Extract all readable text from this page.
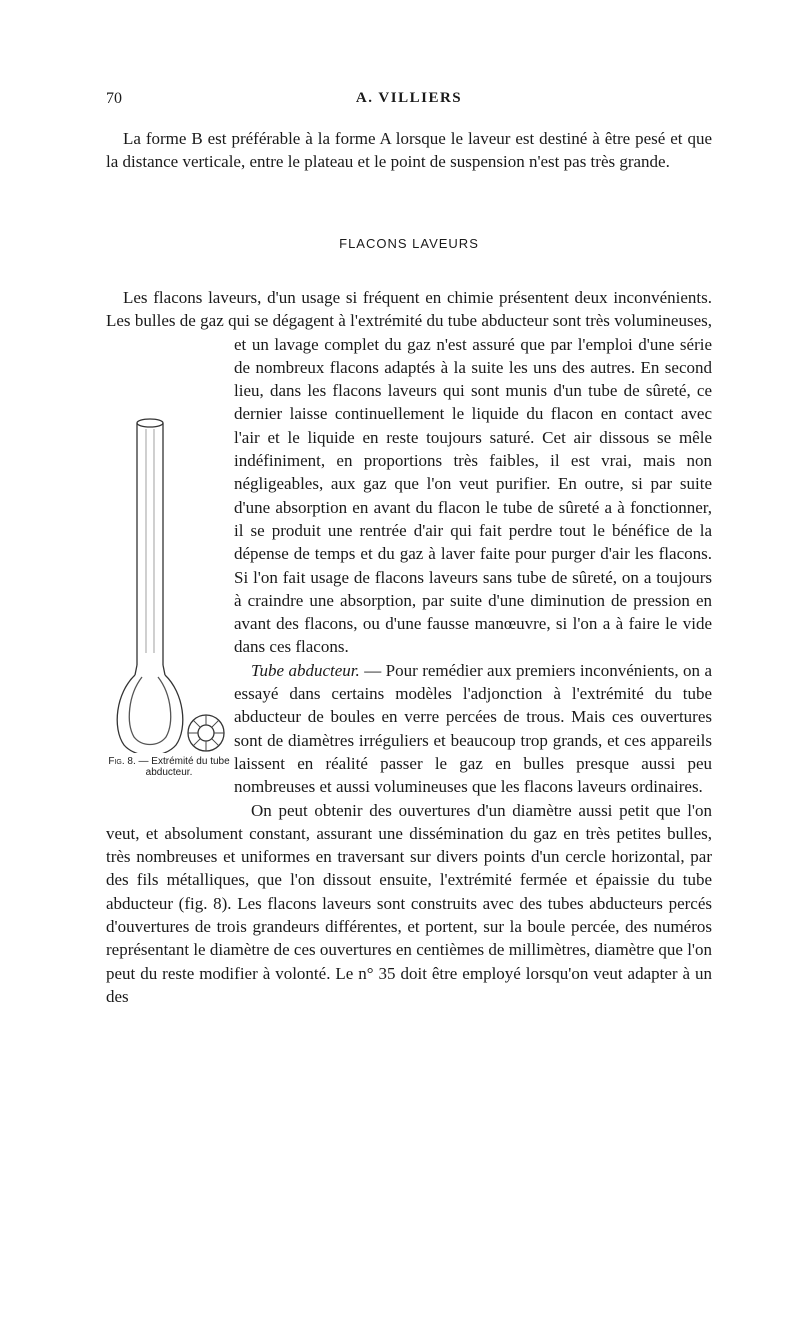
70	A. VILLIERS

La forme B est préférable à la forme A lorsque le laveur est destiné à être pesé et que la distance verticale, entre le plateau et le point de suspension n'est pas très grande.

FLACONS LAVEURS

Les flacons laveurs, d'un usage si fréquent en chimie présentent deux inconvénients. Les bulles de gaz qui se dégagent à l'extrémité du tube abducteur sont très volumineuses, et un lavage complet du gaz
Fig. 8. — Extrémité du tube abducteur.
n'est assuré que par l'emploi d'une série de nombreux flacons adaptés à la suite les uns des autres. En second lieu, dans les flacons laveurs qui sont munis d'un tube de sûreté, ce dernier laisse continuellement le liquide du flacon en contact avec l'air et le liquide en reste toujours saturé. Cet air dissous se mêle indéfiniment, en proportions très faibles, il est vrai, mais non négligeables, aux gaz que l'on veut purifier. En outre, si par suite d'une absorption en avant du flacon le tube de sûreté a à fonctionner, il se produit une rentrée d'air qui fait perdre tout le bénéfice de la dépense de temps et du gaz à laver faite pour purger d'air les flacons. Si l'on fait usage de flacons laveurs sans tube de sûreté, on a toujours à craindre une absorption, par suite d'une diminution de pression en avant des flacons, ou d'une fausse manœuvre, si l'on a à faire le vide dans ces flacons.
Tube abducteur. — Pour remédier aux premiers inconvénients, on a essayé dans certains modèles l'adjonction à l'extrémité du tube abducteur de boules en verre percées de trous. Mais ces ouvertures sont de diamètres irréguliers et beaucoup trop grands, et ces appareils laissent en réalité passer le gaz en bulles presque aussi peu nombreuses et aussi volumineuses que les flacons laveurs ordinaires.
On peut obtenir des ouvertures d'un diamètre aussi petit que l'on veut, et absolument constant, assurant une dissémination du gaz en très petites bulles, très nombreuses et uniformes en traversant sur divers points d'un cercle horizontal, par des fils métalliques, que l'on dissout ensuite, l'extrémité fermée et épaissie du tube abducteur (fig. 8). Les flacons laveurs sont construits avec des tubes abducteurs percés d'ouvertures de trois grandeurs différentes, et portent, sur la boule percée, des numéros représentant le diamètre de ces ouvertures en centièmes de millimètres, diamètre que l'on peut du reste modifier à volonté. Le n° 35 doit être employé lorsqu'on veut adapter à un des
